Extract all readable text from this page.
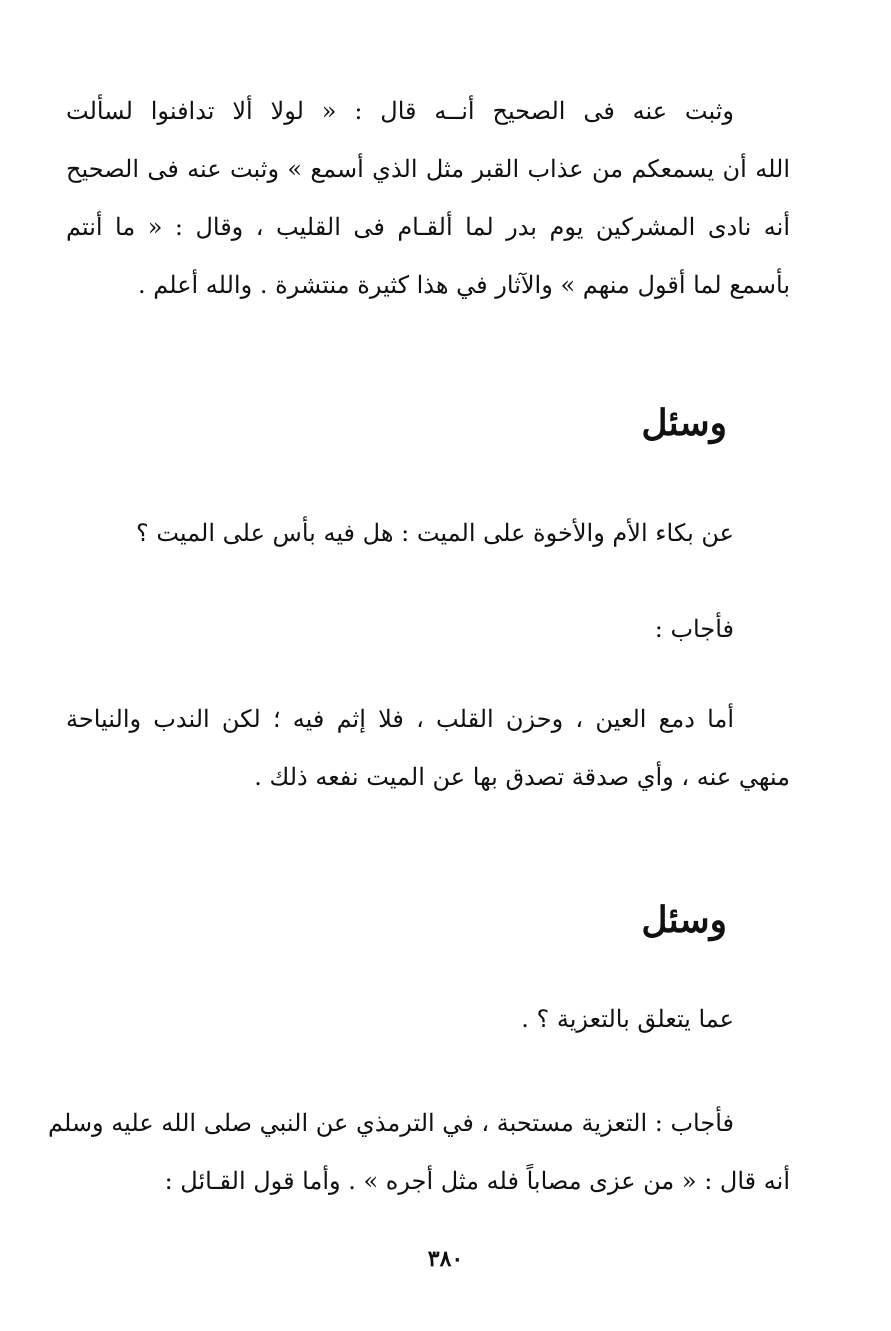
وثبت عنه فى الصحيح أنــه قال : « لولا ألا تدافنوا لسألت
الله أن يسمعكم من عذاب القبر مثل الذي أسمع » وثبت عنه فى الصحيح
أنه نادى المشركين يوم بدر لما ألقـام فى القليب ، وقال : « ما أنتم
بأسمع لما أقول منهم » والآثار في هذا كثيرة منتشرة . والله أعلم .
وسئل
عن بكاء الأم والأخوة على الميت : هل فيه بأس على الميت ؟
فأجاب :
أما دمع العين ، وحزن القلب ، فلا إثم فيه ؛ لكن الندب والنياحة
منهي عنه ، وأي صدقة تصدق بها عن الميت نفعه ذلك .
وسئل
عما يتعلق بالتعزية ؟ .
فأجاب : التعزية مستحبة ، في الترمذي عن النبي صلى الله عليه وسلم
أنه قال : « من عزى مصاباً فله مثل أجره » . وأما قول القـائل :
٣٨٠
